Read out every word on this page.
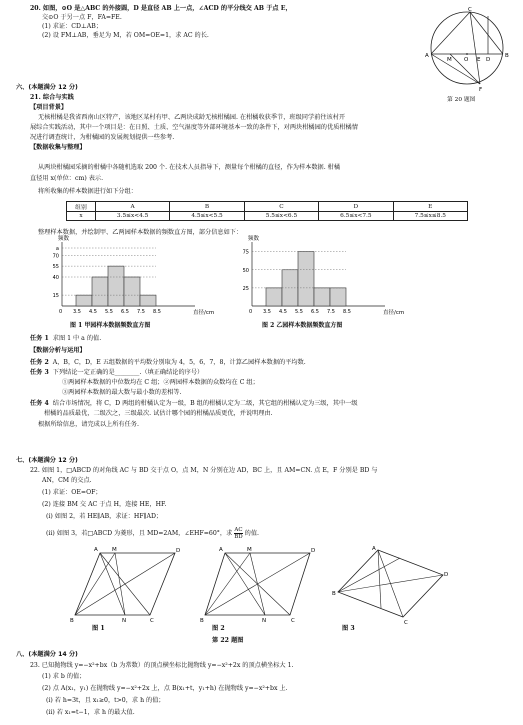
20. 如图，⊙O 是△ABC 的外接圆，D 是直径 AB 上一点，∠ACD 的平分线交 AB 于点 E，
交⊙O 于另一点 F，FA=FE.
(1) 求证：CD⊥AB；
(2) 设 FM⊥AB，垂足为 M，若 OM=OE=1，求 AC 的长.
C
A
M O E D
B
F
第 20 题图
六、(本题满分 12 分)
21. 综合与实践
【项目背景】
无核柑橘是我省西南山区特产，该地区某村有甲、乙两块成龄无核柑橘园. 在柑橘收获季节，班级同学前往该村开
展综合实践活动，其中一个项目是：在日照、土质、空气湿度等外部环境基本一致的条件下，对两块柑橘园的优质柑橘情
况进行调查统计，为柑橘园的发展规划提供一些参考.
【数据收集与整理】
从两块柑橘园采摘的柑橘中各随机选取 200 个. 在技术人员指导下，测量每个柑橘的直径，作为样本数据. 柑橘
直径用 x(单位：cm) 表示.
将所收集的样本数据进行如下分组：
组别	A	B	C	D	E
x	3.5≤x<4.5	4.5≤x<5.5	5.5≤x<6.5	6.5≤x<7.5	7.5≤x≤8.5
整理样本数据，并绘制甲、乙两园样本数据的频数直方图，部分信息如下：
频数
直径/cm
0 3.5 4.5 5.5 6.5 7.5 8.5
15
40
55
70
a
频数
直径/cm
0 3.5 4.5 5.5 6.5 7.5 8.5
25
50
75
图 1 甲园样本数据频数直方图	图 2 乙园样本数据频数直方图
任务 1 求图 1 中 a 的值.
【数据分析与运用】
任务 2 A，B，C，D，E 五组数据的平均数分别取为 4，5，6，7，8，计算乙园样本数据的平均数.
任务 3 下列结论一定正确的是________.（填正确结论的序号）
①两园样本数据的中位数均在 C 组；②两园样本数据的众数均在 C 组；
③两园样本数据的最大数与最小数的差相等.
任务 4 结合市场情况，将 C，D 两组的柑橘认定为一级，B 组的柑橘认定为二级，其它组的柑橘认定为三级，其中一级
柑橘的品质最优，二级次之，三级最次. 试估计哪个园的柑橘品质更优，并说明理由.
根据所给信息，请完成以上所有任务.
七、(本题满分 12 分)
22. 如图 1，□ABCD 的对角线 AC 与 BD 交于点 O，点 M，N 分别在边 AD，BC 上，且 AM=CN. 点 E，F 分别是 BD 与
AN，CM 的交点.
(1) 求证：OE=OF；
(2) 连接 BM 交 AC 于点 H，连接 HE，HF.
(i) 如图 2，若 HE∥AB，求证：HF∥AD；
(ii) 如图 3，若□ABCD 为菱形，且 MD=2AM，∠EHF=60°，求 $\frac{AC}{BD}$ 的值.
A	M	D
B	N	C
A	M	D
B	N	C
A
D
B
C
图 1	图 2	图 3
第 22 题图
八、(本题满分 14 分)
23. 已知抛物线 y=−x²+bx（b 为常数）的顶点横坐标比抛物线 y=−x²+2x 的顶点横坐标大 1.
(1) 求 b 的值；
(2) 点 A(x₁，y₁) 在抛物线 y=−x²+2x 上，点 B(x₁+t，y₁+h) 在抛物线 y=−x²+bx 上.
(i) 若 h=3t，且 x₁≥0，t>0，求 h 的值；
(ii) 若 x₁=t−1，求 h 的最大值.
